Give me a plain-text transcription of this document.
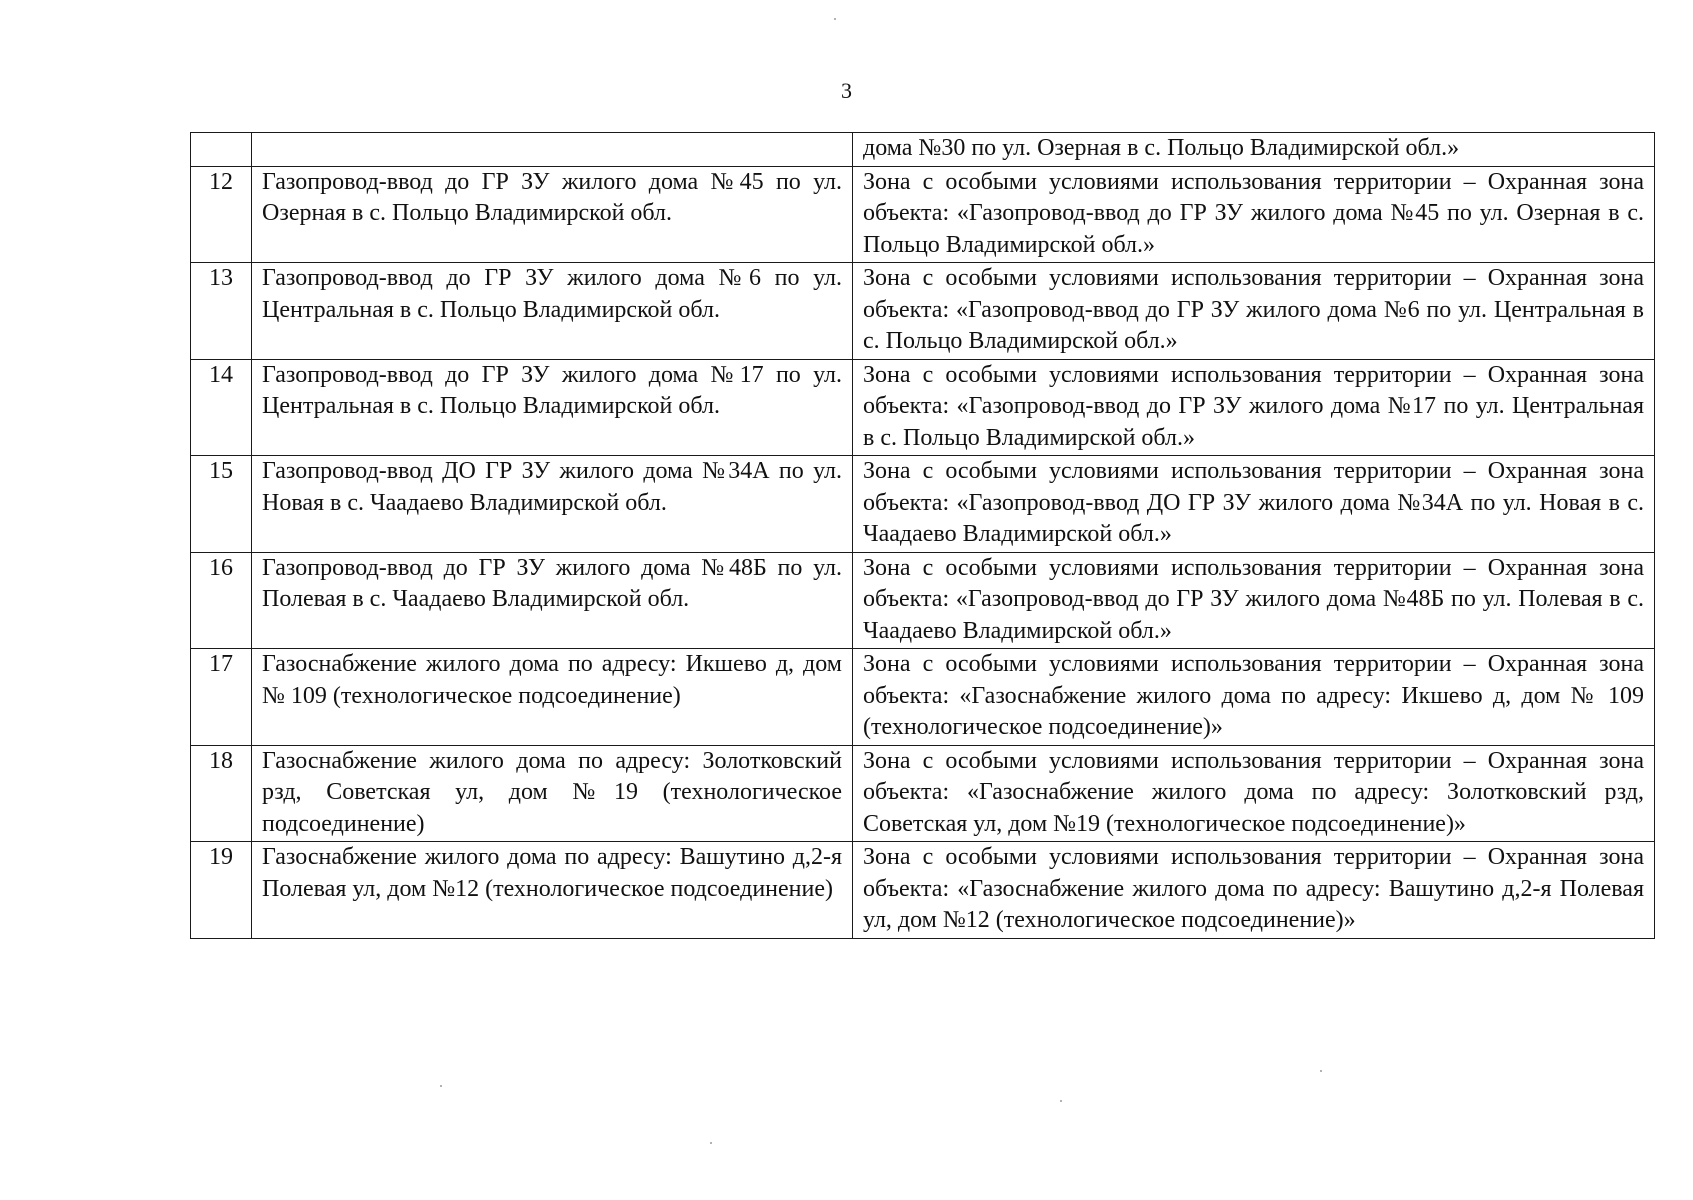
3
		дома №30 по ул. Озерная в с. Польцо Владимирской обл.»
12	Газопровод-ввод до ГР ЗУ жилого дома №45 по ул. Озерная в с. Польцо Владимирской обл.	Зона с особыми условиями использования территории – Охранная зона объекта: «Газопровод-ввод до ГР ЗУ жилого дома №45 по ул. Озерная в с. Польцо Владимирской обл.»
13	Газопровод-ввод до ГР ЗУ жилого дома №6 по ул. Центральная в с. Польцо Владимирской обл.	Зона с особыми условиями использования территории – Охранная зона объекта: «Газопровод-ввод до ГР ЗУ жилого дома №6 по ул. Центральная в с. Польцо Владимирской обл.»
14	Газопровод-ввод до ГР ЗУ жилого дома №17 по ул. Центральная в с. Польцо Владимирской обл.	Зона с особыми условиями использования территории – Охранная зона объекта: «Газопровод-ввод до ГР ЗУ жилого дома №17 по ул. Центральная в с. Польцо Владимирской обл.»
15	Газопровод-ввод ДО ГР ЗУ жилого дома №34А по ул. Новая в с. Чаадаево Владимирской обл.	Зона с особыми условиями использования территории – Охранная зона объекта: «Газопровод-ввод ДО ГР ЗУ жилого дома №34А по ул. Новая в с. Чаадаево Владимирской обл.»
16	Газопровод-ввод до ГР ЗУ жилого дома №48Б по ул. Полевая в с. Чаадаево Владимирской обл.	Зона с особыми условиями использования территории – Охранная зона объекта: «Газопровод-ввод до ГР ЗУ жилого дома №48Б по ул. Полевая в с. Чаадаево Владимирской обл.»
17	Газоснабжение жилого дома по адресу: Икшево д, дом № 109 (технологическое подсоединение)	Зона с особыми условиями использования территории – Охранная зона объекта: «Газоснабжение жилого дома по адресу: Икшево д, дом № 109 (технологическое подсоединение)»
18	Газоснабжение жилого дома по адресу: Золотковский рзд, Советская ул, дом №19 (технологическое подсоединение)	Зона с особыми условиями использования территории – Охранная зона объекта: «Газоснабжение жилого дома по адресу: Золотковский рзд, Советская ул, дом №19 (технологическое подсоединение)»
19	Газоснабжение жилого дома по адресу: Вашутино д,2-я Полевая ул, дом №12 (технологическое подсоединение)	Зона с особыми условиями использования территории – Охранная зона объекта: «Газоснабжение жилого дома по адресу: Вашутино д,2-я Полевая ул, дом №12 (технологическое подсоединение)»
